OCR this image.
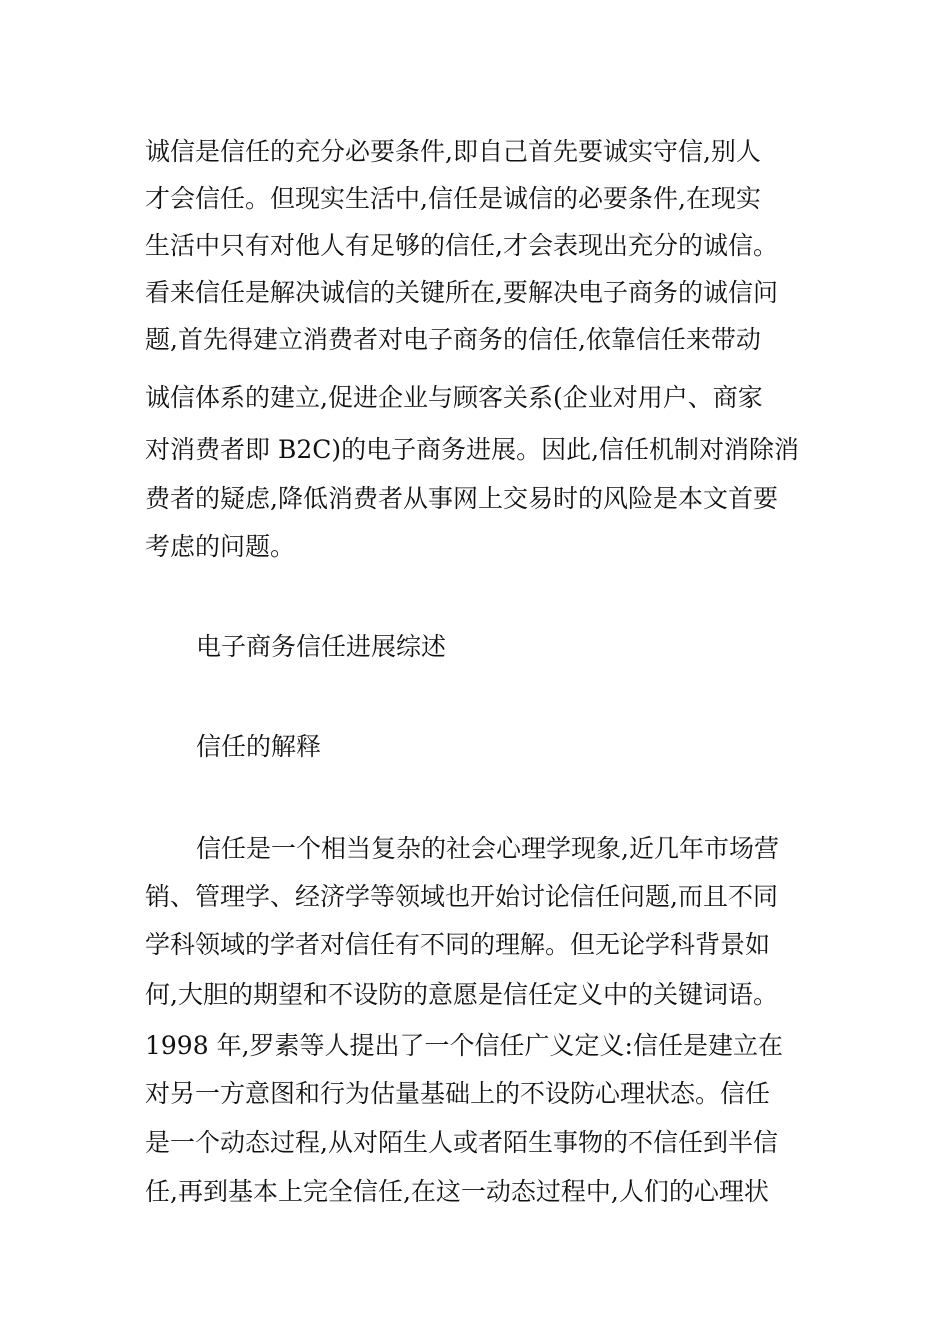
诚信是信任的充分必要条件,即自己首先要诚实守信,别人

才会信任。但现实生活中,信任是诚信的必要条件,在现实

生活中只有对他人有足够的信任,才会表现出充分的诚信。

看来信任是解决诚信的关键所在,要解决电子商务的诚信问

题,首先得建立消费者对电子商务的信任,依靠信任来带动

诚信体系的建立,促进企业与顾客关系(企业对用户、商家

对消费者即 B2C)的电子商务进展。因此,信任机制对消除消

费者的疑虑,降低消费者从事网上交易时的风险是本文首要

考虑的问题。

电子商务信任进展综述

信任的解释

信任是一个相当复杂的社会心理学现象,近几年市场营

销、管理学、经济学等领域也开始讨论信任问题,而且不同

学科领域的学者对信任有不同的理解。但无论学科背景如

何,大胆的期望和不设防的意愿是信任定义中的关键词语。

1998 年,罗素等人提出了一个信任广义定义:信任是建立在

对另一方意图和行为估量基础上的不设防心理状态。信任

是一个动态过程,从对陌生人或者陌生事物的不信任到半信

任,再到基本上完全信任,在这一动态过程中,人们的心理状
